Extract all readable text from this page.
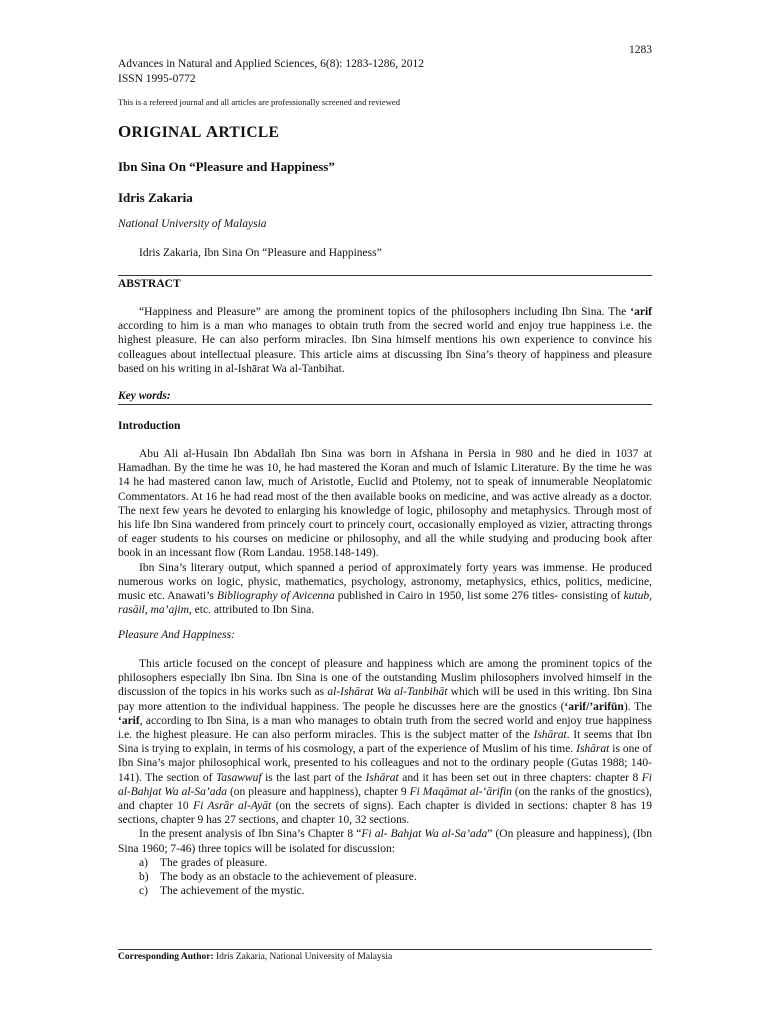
1283
Advances in Natural and Applied Sciences, 6(8): 1283-1286, 2012
ISSN 1995-0772
This is a refereed journal and all articles are professionally screened and reviewed
ORIGINAL ARTICLE
Ibn Sina On “Pleasure and Happiness”
Idris Zakaria
National University of Malaysia
Idris Zakaria, Ibn Sina On “Pleasure and Happiness”
ABSTRACT

“Happiness and Pleasure” are among the prominent topics of the philosophers including Ibn Sina. The ‘arif according to him is a man who manages to obtain truth from the secred world and enjoy true happiness i.e. the highest pleasure. He can also perform miracles. Ibn Sina himself mentions his own experience to convince his colleagues about intellectual pleasure. This article aims at discussing Ibn Sina’s theory of happiness and pleasure based on his writing in al-Ishārat Wa al-Tanbihat.

Key words:
Introduction

Abu Ali al-Husain Ibn Abdallah Ibn Sina was born in Afshana in Persia in 980 and he died in 1037 at Hamadhan. By the time he was 10, he had mastered the Koran and much of Islamic Literature. By the time he was 14 he had mastered canon law, much of Aristotle, Euclid and Ptolemy, not to speak of innumerable Neoplatomic Commentators. At 16 he had read most of the then available books on medicine, and was active already as a doctor. The next few years he devoted to enlarging his knowledge of logic, philosophy and metaphysics. Through most of his life Ibn Sina wandered from princely court to princely court, occasionally employed as vizier, attracting throngs of eager students to his courses on medicine or philosophy, and all the while studying and producing book after book in an incessant flow (Rom Landau. 1958.148-149).

Ibn Sina’s literary output, which spanned a period of approximately forty years was immense. He produced numerous works on logic, physic, mathematics, psychology, astronomy, metaphysics, ethics, politics, medicine, music etc. Anawati’s Bibliography of Avicenna published in Cairo in 1950, list some 276 titles- consisting of kutub, rasāil, ma’ajim, etc. attributed to Ibn Sina.

Pleasure And Happiness:

This article focused on the concept of pleasure and happiness which are among the prominent topics of the philosophers especially Ibn Sina. Ibn Sina is one of the outstanding Muslim philosophers involved himself in the discussion of the topics in his works such as al-Ishārat Wa al-Tanbihāt which will be used in this writing. Ibn Sina pay more attention to the individual happiness. The people he discusses here are the gnostics (‘arif/’arifūn). The ‘arif, according to Ibn Sina, is a man who manages to obtain truth from the secred world and enjoy true happiness i.e. the highest pleasure. He can also perform miracles. This is the subject matter of the Ishārat. It seems that Ibn Sina is trying to explain, in terms of his cosmology, a part of the experience of Muslim of his time. Ishārat is one of Ibn Sina’s major philosophical work, presented to his colleagues and not to the ordinary people (Gutas 1988; 140-141). The section of Tasawwuf is the last part of the Ishārat and it has been set out in three chapters: chapter 8 Fi al-Bahjat Wa al-Sa’ada (on pleasure and happiness), chapter 9 Fi Maqāmat al-‘ārifin (on the ranks of the gnostics), and chapter 10 Fi Asrār al-Ayāt (on the secrets of signs). Each chapter is divided in sections: chapter 8 has 19 sections, chapter 9 has 27 sections, and chapter 10, 32 sections.

In the present analysis of Ibn Sina’s Chapter 8 “Fi al- Bahjat Wa al-Sa’ada” (On pleasure and happiness), (Ibn Sina 1960; 7-46) three topics will be isolated for discussion:

a)	The grades of pleasure.
b) The body as an obstacle to the achievement of pleasure.
c)	The achievement of the mystic.
Corresponding Author: Idris Zakaria, National University of Malaysia
